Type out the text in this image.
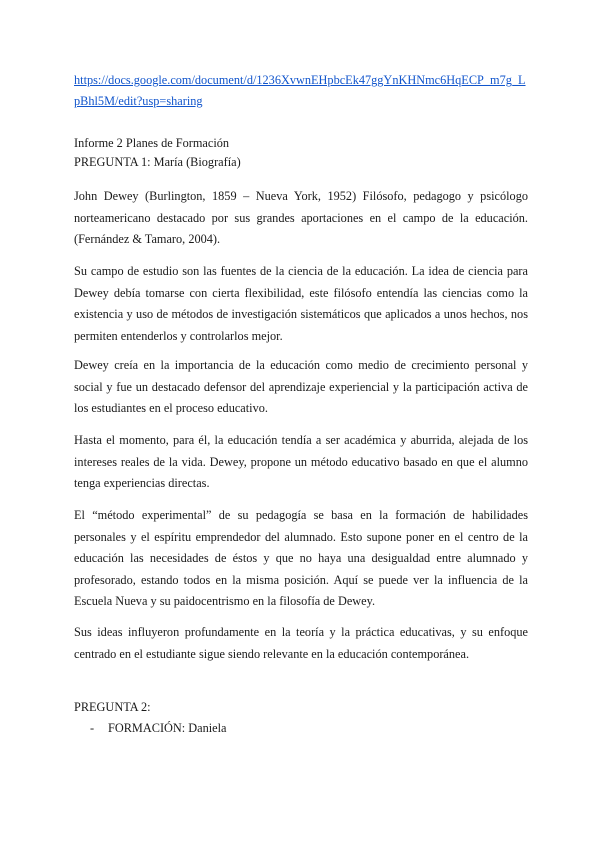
https://docs.google.com/document/d/1236XvwnEHpbcEk47ggYnKHNmc6HqECP_m7g_LpBhl5M/edit?usp=sharing
Informe 2 Planes de Formación
PREGUNTA 1: María (Biografía)

John Dewey (Burlington, 1859 – Nueva York, 1952) Filósofo, pedagogo y psicólogo norteamericano destacado por sus grandes aportaciones en el campo de la educación. (Fernández & Tamaro, 2004).

Su campo de estudio son las fuentes de la ciencia de la educación. La idea de ciencia para Dewey debía tomarse con cierta flexibilidad, este filósofo entendía las ciencias como la existencia y uso de métodos de investigación sistemáticos que aplicados a unos hechos, nos permiten entenderlos y controlarlos mejor.

Dewey creía en la importancia de la educación como medio de crecimiento personal y social y fue un destacado defensor del aprendizaje experiencial y la participación activa de los estudiantes en el proceso educativo.

Hasta el momento, para él, la educación tendía a ser académica y aburrida, alejada de los intereses reales de la vida. Dewey, propone un método educativo basado en que el alumno tenga experiencias directas.

El “método experimental” de su pedagogía se basa en la formación de habilidades personales y el espíritu emprendedor del alumnado. Esto supone poner en el centro de la educación las necesidades de éstos y que no haya una desigualdad entre alumnado y profesorado, estando todos en la misma posición. Aquí se puede ver la influencia de la Escuela Nueva y su paidocentrismo en la filosofía de Dewey.

Sus ideas influyeron profundamente en la teoría y la práctica educativas, y su enfoque centrado en el estudiante sigue siendo relevante en la educación contemporánea.

PREGUNTA 2:
- FORMACIÓN: Daniela
